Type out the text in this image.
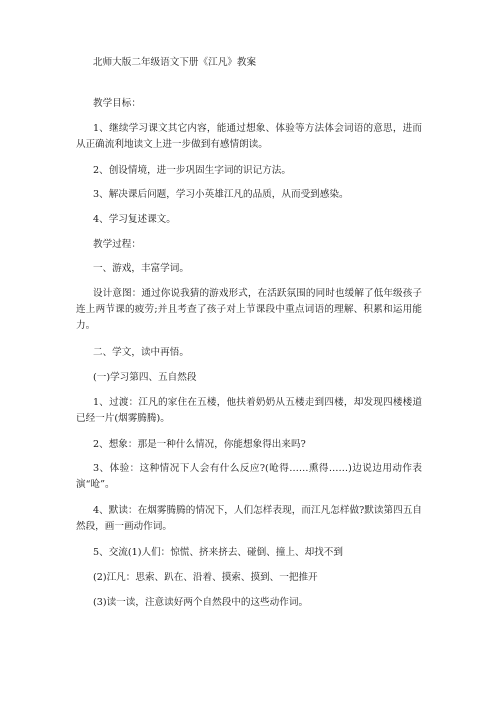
北师大版二年级语文下册《江凡》教案

教学目标：

1、继续学习课文其它内容，能通过想象、体验等方法体会词语的意思，进而从正确流利地读文上进一步做到有感情朗读。

2、创设情境，进一步巩固生字词的识记方法。

3、解决课后问题，学习小英雄江凡的品质，从而受到感染。

4、学习复述课文。

教学过程：

一、游戏，丰富学词。

设计意图：通过你说我猜的游戏形式，在活跃氛围的同时也缓解了低年级孩子连上两节课的疲劳;并且考查了孩子对上节课段中重点词语的理解、积累和运用能力。

二、学文，读中再悟。

(一)学习第四、五自然段

1、过渡：江凡的家住在五楼，他扶着奶奶从五楼走到四楼，却发现四楼楼道已经一片(烟雾腾腾)。

2、想象：那是一种什么情况，你能想象得出来吗?

3、体验：这种情况下人会有什么反应?(呛得……熏得……)边说边用动作表演“呛”。

4、默读：在烟雾腾腾的情况下，人们怎样表现，而江凡怎样做?默读第四五自然段，画一画动作词。

5、交流(1)人们：惊慌、挤来挤去、碰倒、撞上、却找不到

(2)江凡：思索、趴在、沿着、摸索、摸到、一把推开

(3)读一读，注意读好两个自然段中的这些动作词。
